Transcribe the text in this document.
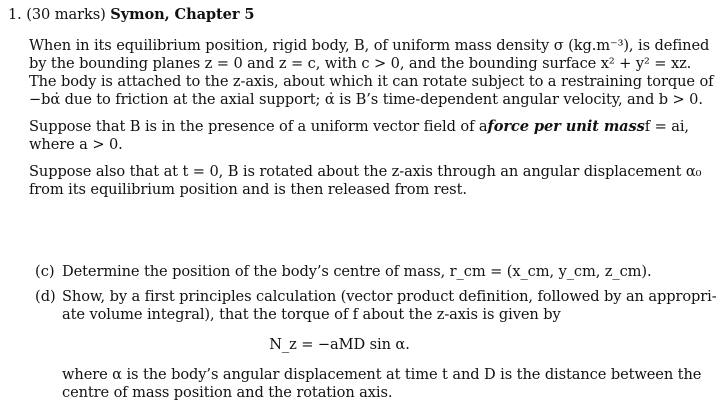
1. (30 marks) Symon, Chapter 5
When in its equilibrium position, rigid body, B, of uniform mass density σ (kg.m⁻³), is defined
by the bounding planes z = 0 and z = c, with c > 0, and the bounding surface x² + y² = xz.
The body is attached to the z-axis, about which it can rotate subject to a restraining torque of
−bα̇ due to friction at the axial support; α̇ is B’s time-dependent angular velocity, and b > 0.
Suppose that B is in the presence of a uniform vector field of a force per unit mass f = ai,
where a > 0.
Suppose also that at t = 0, B is rotated about the z-axis through an angular displacement α₀
from its equilibrium position and is then released from rest.
(c) Determine the position of the body’s centre of mass, r_cm = (x_cm, y_cm, z_cm).
(d) Show, by a first principles calculation (vector product definition, followed by an appropri-
ate volume integral), that the torque of f about the z-axis is given by
N_z = −aMD sin α.
where α is the body’s angular displacement at time t and D is the distance between the
centre of mass position and the rotation axis.
